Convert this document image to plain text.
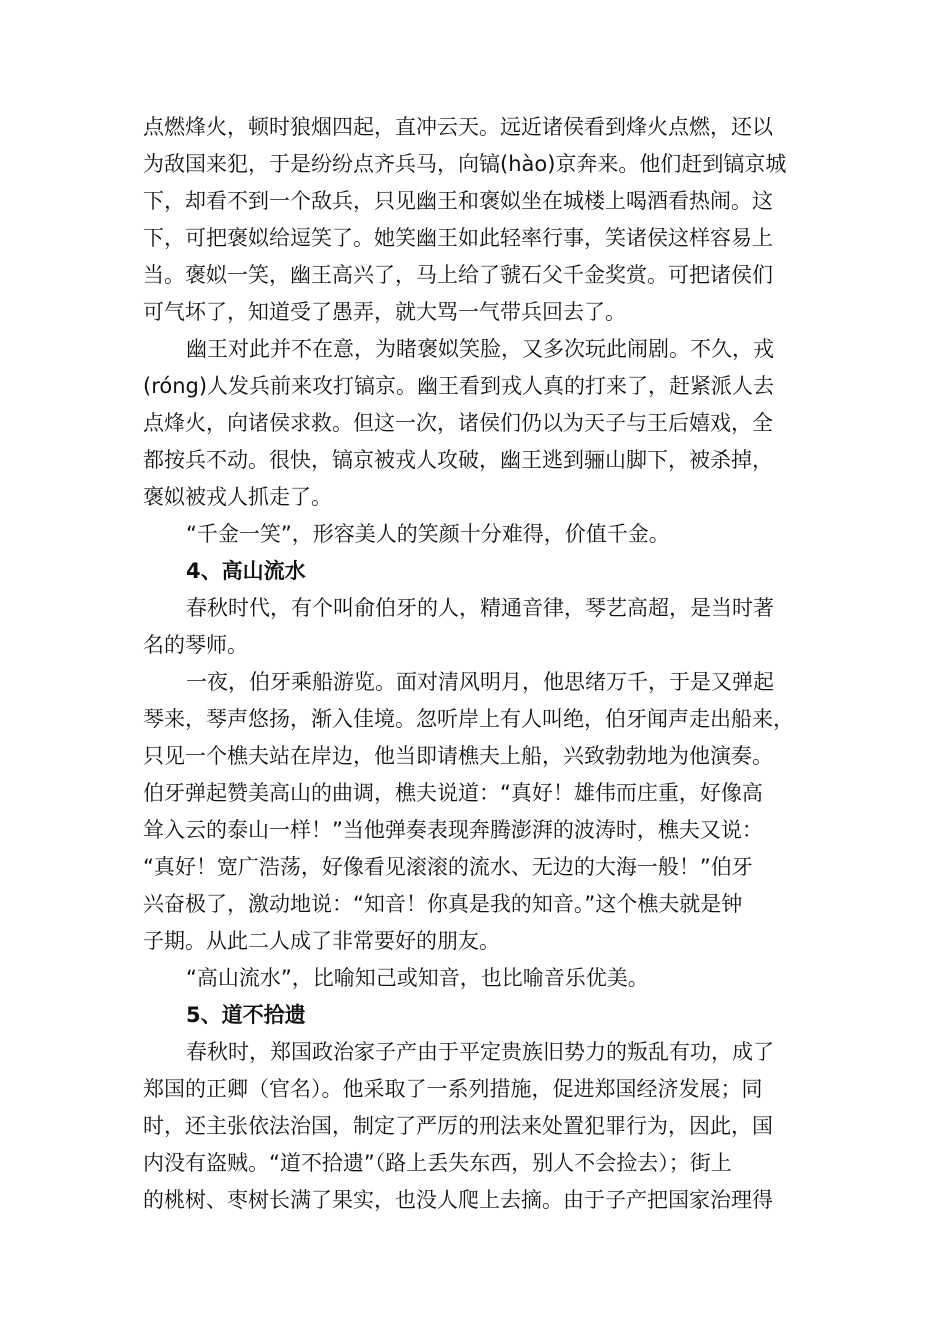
点燃烽火，顿时狼烟四起，直冲云天。远近诸侯看到烽火点燃，还以
为敌国来犯，于是纷纷点齐兵马，向镐(hào)京奔来。他们赶到镐京城
下，却看不到一个敌兵，只见幽王和褒姒坐在城楼上喝酒看热闹。这
下，可把褒姒给逗笑了。她笑幽王如此轻率行事，笑诸侯这样容易上
当。褒姒一笑，幽王高兴了，马上给了虢石父千金奖赏。可把诸侯们
可气坏了，知道受了愚弄，就大骂一气带兵回去了。
幽王对此并不在意，为睹褒姒笑脸，又多次玩此闹剧。不久，戎
(róng)人发兵前来攻打镐京。幽王看到戎人真的打来了，赶紧派人去
点烽火，向诸侯求救。但这一次，诸侯们仍以为天子与王后嬉戏，全
都按兵不动。很快，镐京被戎人攻破，幽王逃到骊山脚下，被杀掉，
褒姒被戎人抓走了。
“千金一笑”，形容美人的笑颜十分难得，价值千金。
4、高山流水
春秋时代，有个叫俞伯牙的人，精通音律，琴艺高超，是当时著
名的琴师。
一夜，伯牙乘船游览。面对清风明月，他思绪万千，于是又弹起
琴来，琴声悠扬，渐入佳境。忽听岸上有人叫绝，伯牙闻声走出船来，
只见一个樵夫站在岸边，他当即请樵夫上船，兴致勃勃地为他演奏。
伯牙弹起赞美高山的曲调，樵夫说道：“真好！雄伟而庄重，好像高
耸入云的泰山一样！”当他弹奏表现奔腾澎湃的波涛时，樵夫又说：
“真好！宽广浩荡，好像看见滚滚的流水、无边的大海一般！”伯牙
兴奋极了，激动地说：“知音！你真是我的知音。”这个樵夫就是钟
子期。从此二人成了非常要好的朋友。
“高山流水”，比喻知己或知音，也比喻音乐优美。
5、道不拾遗
春秋时，郑国政治家子产由于平定贵族旧势力的叛乱有功，成了
郑国的正卿（官名）。他采取了一系列措施，促进郑国经济发展；同
时，还主张依法治国，制定了严厉的刑法来处置犯罪行为，因此，国
内没有盗贼。“道不拾遗”（路上丢失东西，别人不会捡去）；街上
的桃树、枣树长满了果实，也没人爬上去摘。由于子产把国家治理得
